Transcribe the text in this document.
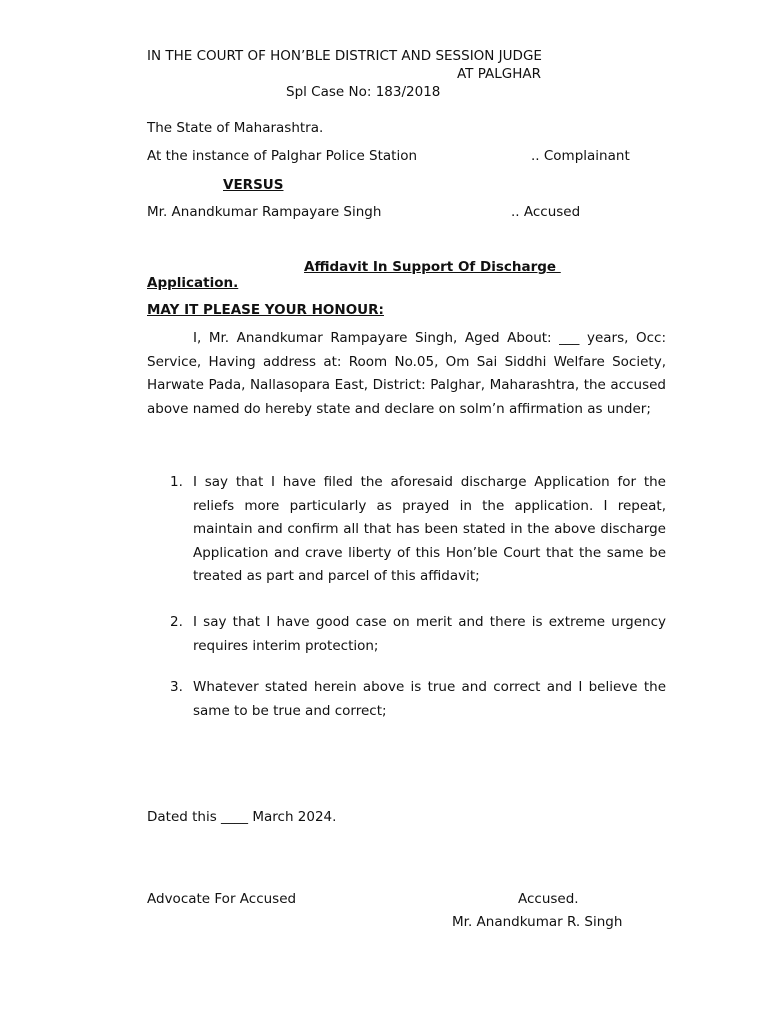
IN THE COURT OF HON’BLE DISTRICT AND SESSION JUDGE
AT PALGHAR
Spl Case No: 183/2018
The State of Maharashtra.
At the instance of Palghar Police Station	.. Complainant
VERSUS
Mr. Anandkumar Rampayare Singh	.. Accused
Affidavit In Support Of Discharge
Application.
MAY IT PLEASE YOUR HONOUR:
I, Mr. Anandkumar Rampayare Singh, Aged About: ___ years, Occ: Service, Having address at: Room No.05, Om Sai Siddhi Welfare Society, Harwate Pada, Nallasopara East, District: Palghar, Maharashtra, the accused above named do hereby state and declare on solm’n affirmation as under;
1. I say that I have filed the aforesaid discharge Application for the reliefs more particularly as prayed in the application. I repeat, maintain and confirm all that has been stated in the above discharge Application and crave liberty of this Hon’ble Court that the same be treated as part and parcel of this affidavit;
2. I say that I have good case on merit and there is extreme urgency requires interim protection;
3. Whatever stated herein above is true and correct and I believe the same to be true and correct;
Dated this ____ March 2024.
Advocate For Accused	Accused.
Mr. Anandkumar R. Singh
